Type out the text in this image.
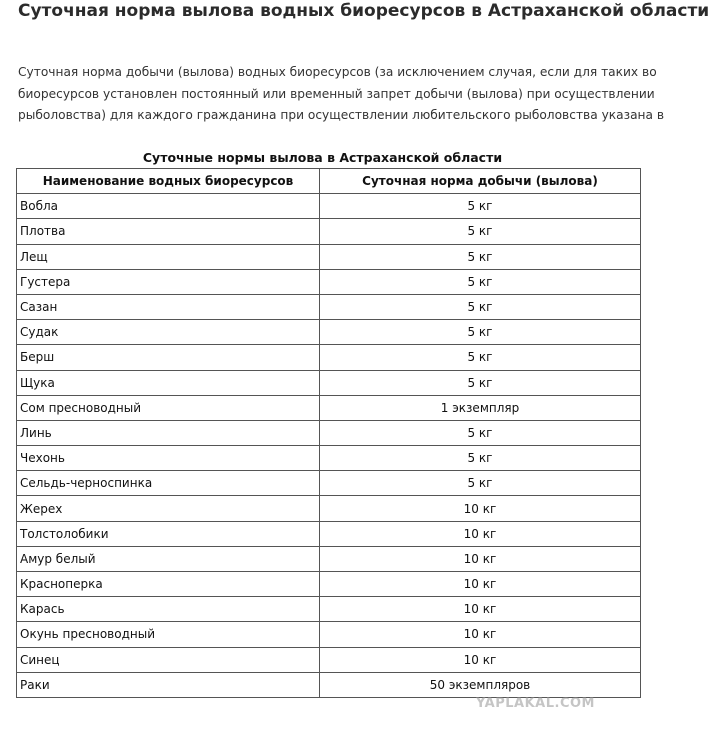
Суточная норма вылова водных биоресурсов в Астраханской области
Суточная норма добычи (вылова) водных биоресурсов (за исключением случая, если для таких во
биоресурсов установлен постоянный или временный запрет добычи (вылова) при осуществлении
рыболовства) для каждого гражданина при осуществлении любительского рыболовства указана в
Суточные нормы вылова в Астраханской области
Наименование водных биоресурсов	Суточная норма добычи (вылова)
Вобла	5 кг
Плотва	5 кг
Лещ	5 кг
Густера	5 кг
Сазан	5 кг
Судак	5 кг
Берш	5 кг
Щука	5 кг
Сом пресноводный	1 экземпляр
Линь	5 кг
Чехонь	5 кг
Сельдь-черноспинка	5 кг
Жерех	10 кг
Толстолобики	10 кг
Амур белый	10 кг
Красноперка	10 кг
Карась	10 кг
Окунь пресноводный	10 кг
Синец	10 кг
Раки	50 экземпляров
YAPLAKAL.COM
